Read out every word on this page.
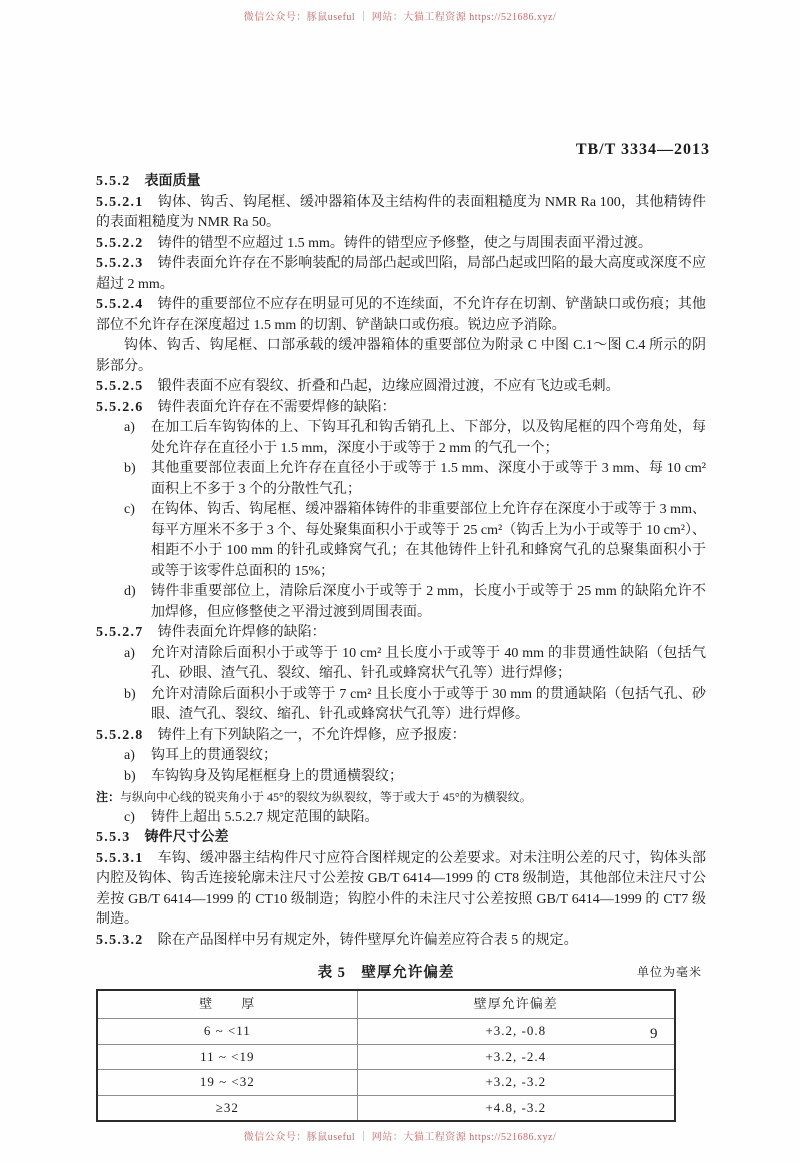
微信公众号：豚鼠useful ｜ 网站：大猫工程资源 https://521686.xyz/
TB/T 3334—2013

5.5.2 表面质量

5.5.2.1 钩体、钩舌、钩尾框、缓冲器箱体及主结构件的表面粗糙度为 NMR Ra 100，其他精铸件的表面粗糙度为 NMR Ra 50。

5.5.2.2 铸件的错型不应超过 1.5 mm。铸件的错型应予修整，使之与周围表面平滑过渡。

5.5.2.3 铸件表面允许存在不影响装配的局部凸起或凹陷，局部凸起或凹陷的最大高度或深度不应超过 2 mm。

5.5.2.4 铸件的重要部位不应存在明显可见的不连续面，不允许存在切割、铲凿缺口或伤痕；其他部位不允许存在深度超过 1.5 mm 的切割、铲凿缺口或伤痕。锐边应予消除。

钩体、钩舌、钩尾框、口部承载的缓冲器箱体的重要部位为附录 C 中图 C.1～图 C.4 所示的阴影部分。

5.5.2.5 锻件表面不应有裂纹、折叠和凸起，边缘应圆滑过渡，不应有飞边或毛刺。

5.5.2.6 铸件表面允许存在不需要焊修的缺陷：

a)	在加工后车钩钩体的上、下钩耳孔和钩舌销孔上、下部分，以及钩尾框的四个弯角处，每处允许存在直径小于 1.5 mm，深度小于或等于 2 mm 的气孔一个；
b)	其他重要部位表面上允许存在直径小于或等于 1.5 mm、深度小于或等于 3 mm、每 10 cm² 面积上不多于 3 个的分散性气孔；
c)	在钩体、钩舌、钩尾框、缓冲器箱体铸件的非重要部位上允许存在深度小于或等于 3 mm、每平方厘米不多于 3 个、每处聚集面积小于或等于 25 cm²（钩舌上为小于或等于 10 cm²）、相距不小于 100 mm 的针孔或蜂窝气孔；在其他铸件上针孔和蜂窝气孔的总聚集面积小于或等于该零件总面积的 15%；
d)	铸件非重要部位上，清除后深度小于或等于 2 mm，长度小于或等于 25 mm 的缺陷允许不加焊修，但应修整使之平滑过渡到周围表面。

5.5.2.7 铸件表面允许焊修的缺陷：

a)	允许对清除后面积小于或等于 10 cm² 且长度小于或等于 40 mm 的非贯通性缺陷（包括气孔、砂眼、渣气孔、裂纹、缩孔、针孔或蜂窝状气孔等）进行焊修；
b)	允许对清除后面积小于或等于 7 cm² 且长度小于或等于 30 mm 的贯通缺陷（包括气孔、砂眼、渣气孔、裂纹、缩孔、针孔或蜂窝状气孔等）进行焊修。

5.5.2.8 铸件上有下列缺陷之一，不允许焊修，应予报废：

a)	钩耳上的贯通裂纹；
b)	车钩钩身及钩尾框框身上的贯通横裂纹；

注：与纵向中心线的锐夹角小于 45°的裂纹为纵裂纹，等于或大于 45°的为横裂纹。

c)	铸件上超出 5.5.2.7 规定范围的缺陷。

5.5.3 铸件尺寸公差

5.5.3.1 车钩、缓冲器主结构件尺寸应符合图样规定的公差要求。对未注明公差的尺寸，钩体头部内腔及钩体、钩舌连接轮廓未注尺寸公差按 GB/T 6414—1999 的 CT8 级制造，其他部位未注尺寸公差按 GB/T 6414—1999 的 CT10 级制造；钩腔小件的未注尺寸公差按照 GB/T 6414—1999 的 CT7 级制造。

5.5.3.2 除在产品图样中另有规定外，铸件壁厚允许偏差应符合表 5 的规定。

表 5　壁厚允许偏差	单位为毫米
壁　　厚	壁厚允许偏差
6 ~ <11	+3.2, -0.8
11 ~ <19	+3.2, -2.4
19 ~ <32	+3.2, -3.2
≥32	+4.8, -3.2
9
微信公众号：豚鼠useful ｜ 网站：大猫工程资源 https://521686.xyz/
